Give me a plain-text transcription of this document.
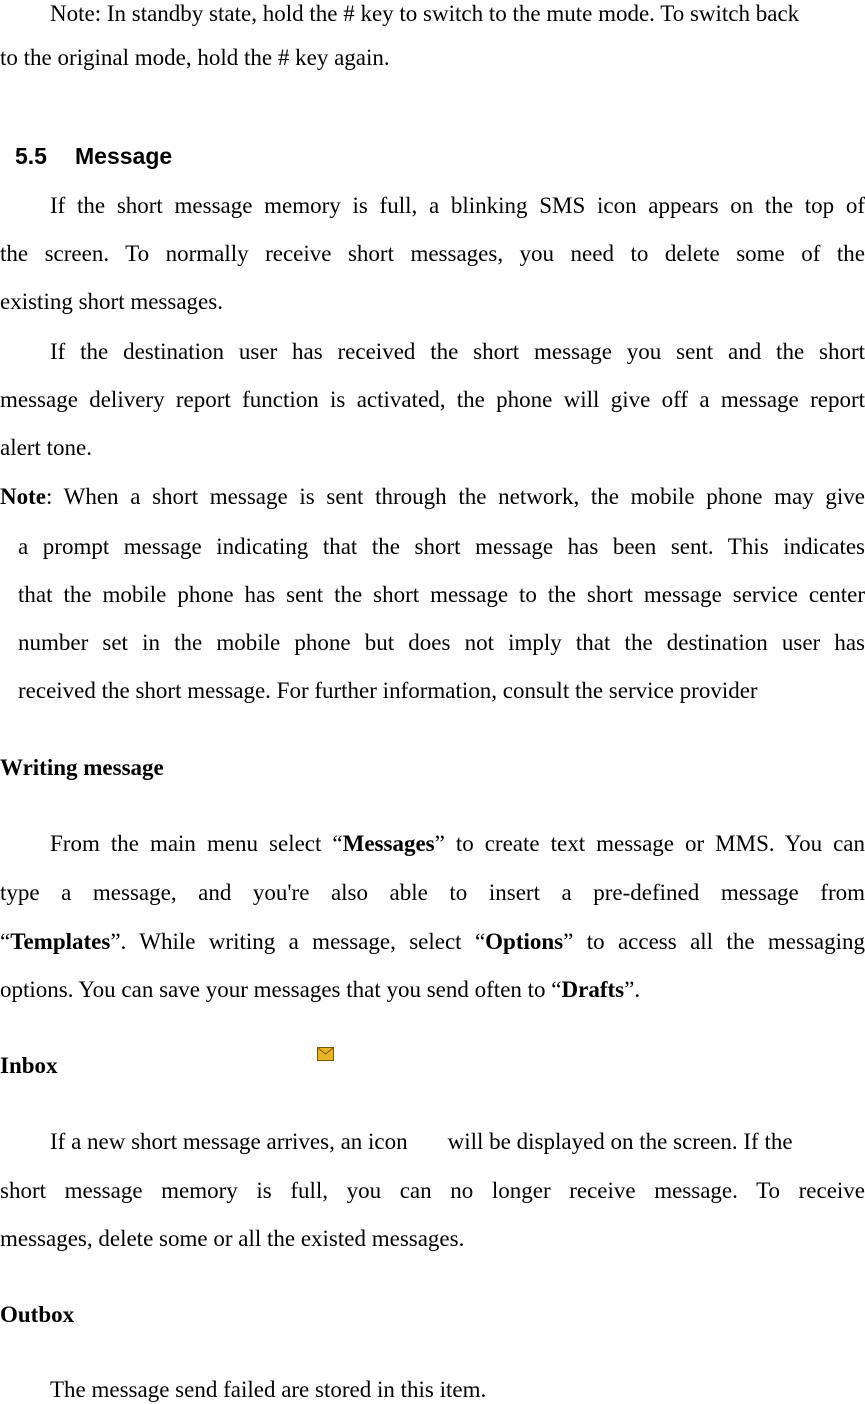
Note: In standby state, hold the # key to switch to the mute mode. To switch back
to the original mode, hold the # key again.
5.5 Message
If the short message memory is full, a blinking SMS icon appears on the top of
the screen. To normally receive short messages, you need to delete some of the
existing short messages.
If the destination user has received the short message you sent and the short
message delivery report function is activated, the phone will give off a message report
alert tone.
Note: When a short message is sent through the network, the mobile phone may give
a prompt message indicating that the short message has been sent. This indicates
that the mobile phone has sent the short message to the short message service center
number set in the mobile phone but does not imply that the destination user has
received the short message. For further information, consult the service provider
Writing message
From the main menu select “Messages” to create text message or MMS. You can
type a message, and you're also able to insert a pre-defined message from
“Templates”. While writing a message, select “Options” to access all the messaging
options. You can save your messages that you send often to “Drafts”.
Inbox
If a new short message arrives, an icon will be displayed on the screen. If the
short message memory is full, you can no longer receive message. To receive
messages, delete some or all the existed messages.
Outbox
The message send failed are stored in this item.
